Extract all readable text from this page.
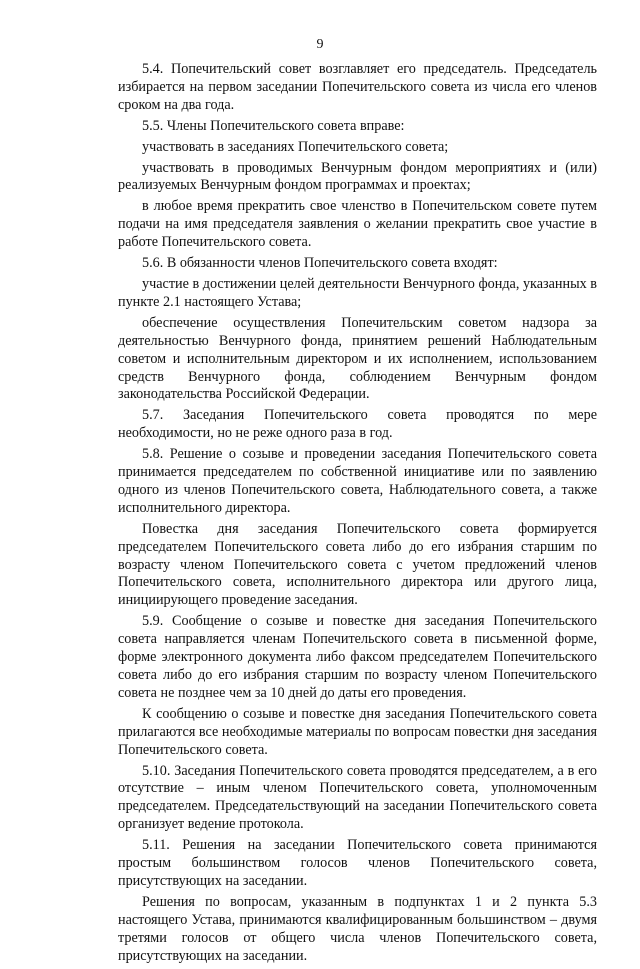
9

5.4. Попечительский совет возглавляет его председатель. Председатель избирается на первом заседании Попечительского совета из числа его членов сроком на два года.

5.5. Члены Попечительского совета вправе:

участвовать в заседаниях Попечительского совета;

участвовать в проводимых Венчурным фондом мероприятиях и (или) реализуемых Венчурным фондом программах и проектах;

в любое время прекратить свое членство в Попечительском совете путем подачи на имя председателя заявления о желании прекратить свое участие в работе Попечительского совета.

5.6. В обязанности членов Попечительского совета входят:

участие в достижении целей деятельности Венчурного фонда, указанных в пункте 2.1 настоящего Устава;

обеспечение осуществления Попечительским советом надзора за деятельностью Венчурного фонда, принятием решений Наблюдательным советом и исполнительным директором и их исполнением, использованием средств Венчурного фонда, соблюдением Венчурным фондом законодательства Российской Федерации.

5.7. Заседания Попечительского совета проводятся по мере необходимости, но не реже одного раза в год.

5.8. Решение о созыве и проведении заседания Попечительского совета принимается председателем по собственной инициативе или по заявлению одного из членов Попечительского совета, Наблюдательного совета, а также исполнительного директора.

Повестка дня заседания Попечительского совета формируется председателем Попечительского совета либо до его избрания старшим по возрасту членом Попечительского совета с учетом предложений членов Попечительского совета, исполнительного директора или другого лица, инициирующего проведение заседания.

5.9. Сообщение о созыве и повестке дня заседания Попечительского совета направляется членам Попечительского совета в письменной форме, форме электронного документа либо факсом председателем Попечительского совета либо до его избрания старшим по возрасту членом Попечительского совета не позднее чем за 10 дней до даты его проведения.

К сообщению о созыве и повестке дня заседания Попечительского совета прилагаются все необходимые материалы по вопросам повестки дня заседания Попечительского совета.

5.10. Заседания Попечительского совета проводятся председателем, а в его отсутствие – иным членом Попечительского совета, уполномоченным председателем. Председательствующий на заседании Попечительского совета организует ведение протокола.

5.11. Решения на заседании Попечительского совета принимаются простым большинством голосов членов Попечительского совета, присутствующих на заседании.

Решения по вопросам, указанным в подпунктах 1 и 2 пункта 5.3 настоящего Устава, принимаются квалифицированным большинством – двумя третями голосов от общего числа членов Попечительского совета, присутствующих на заседании.
